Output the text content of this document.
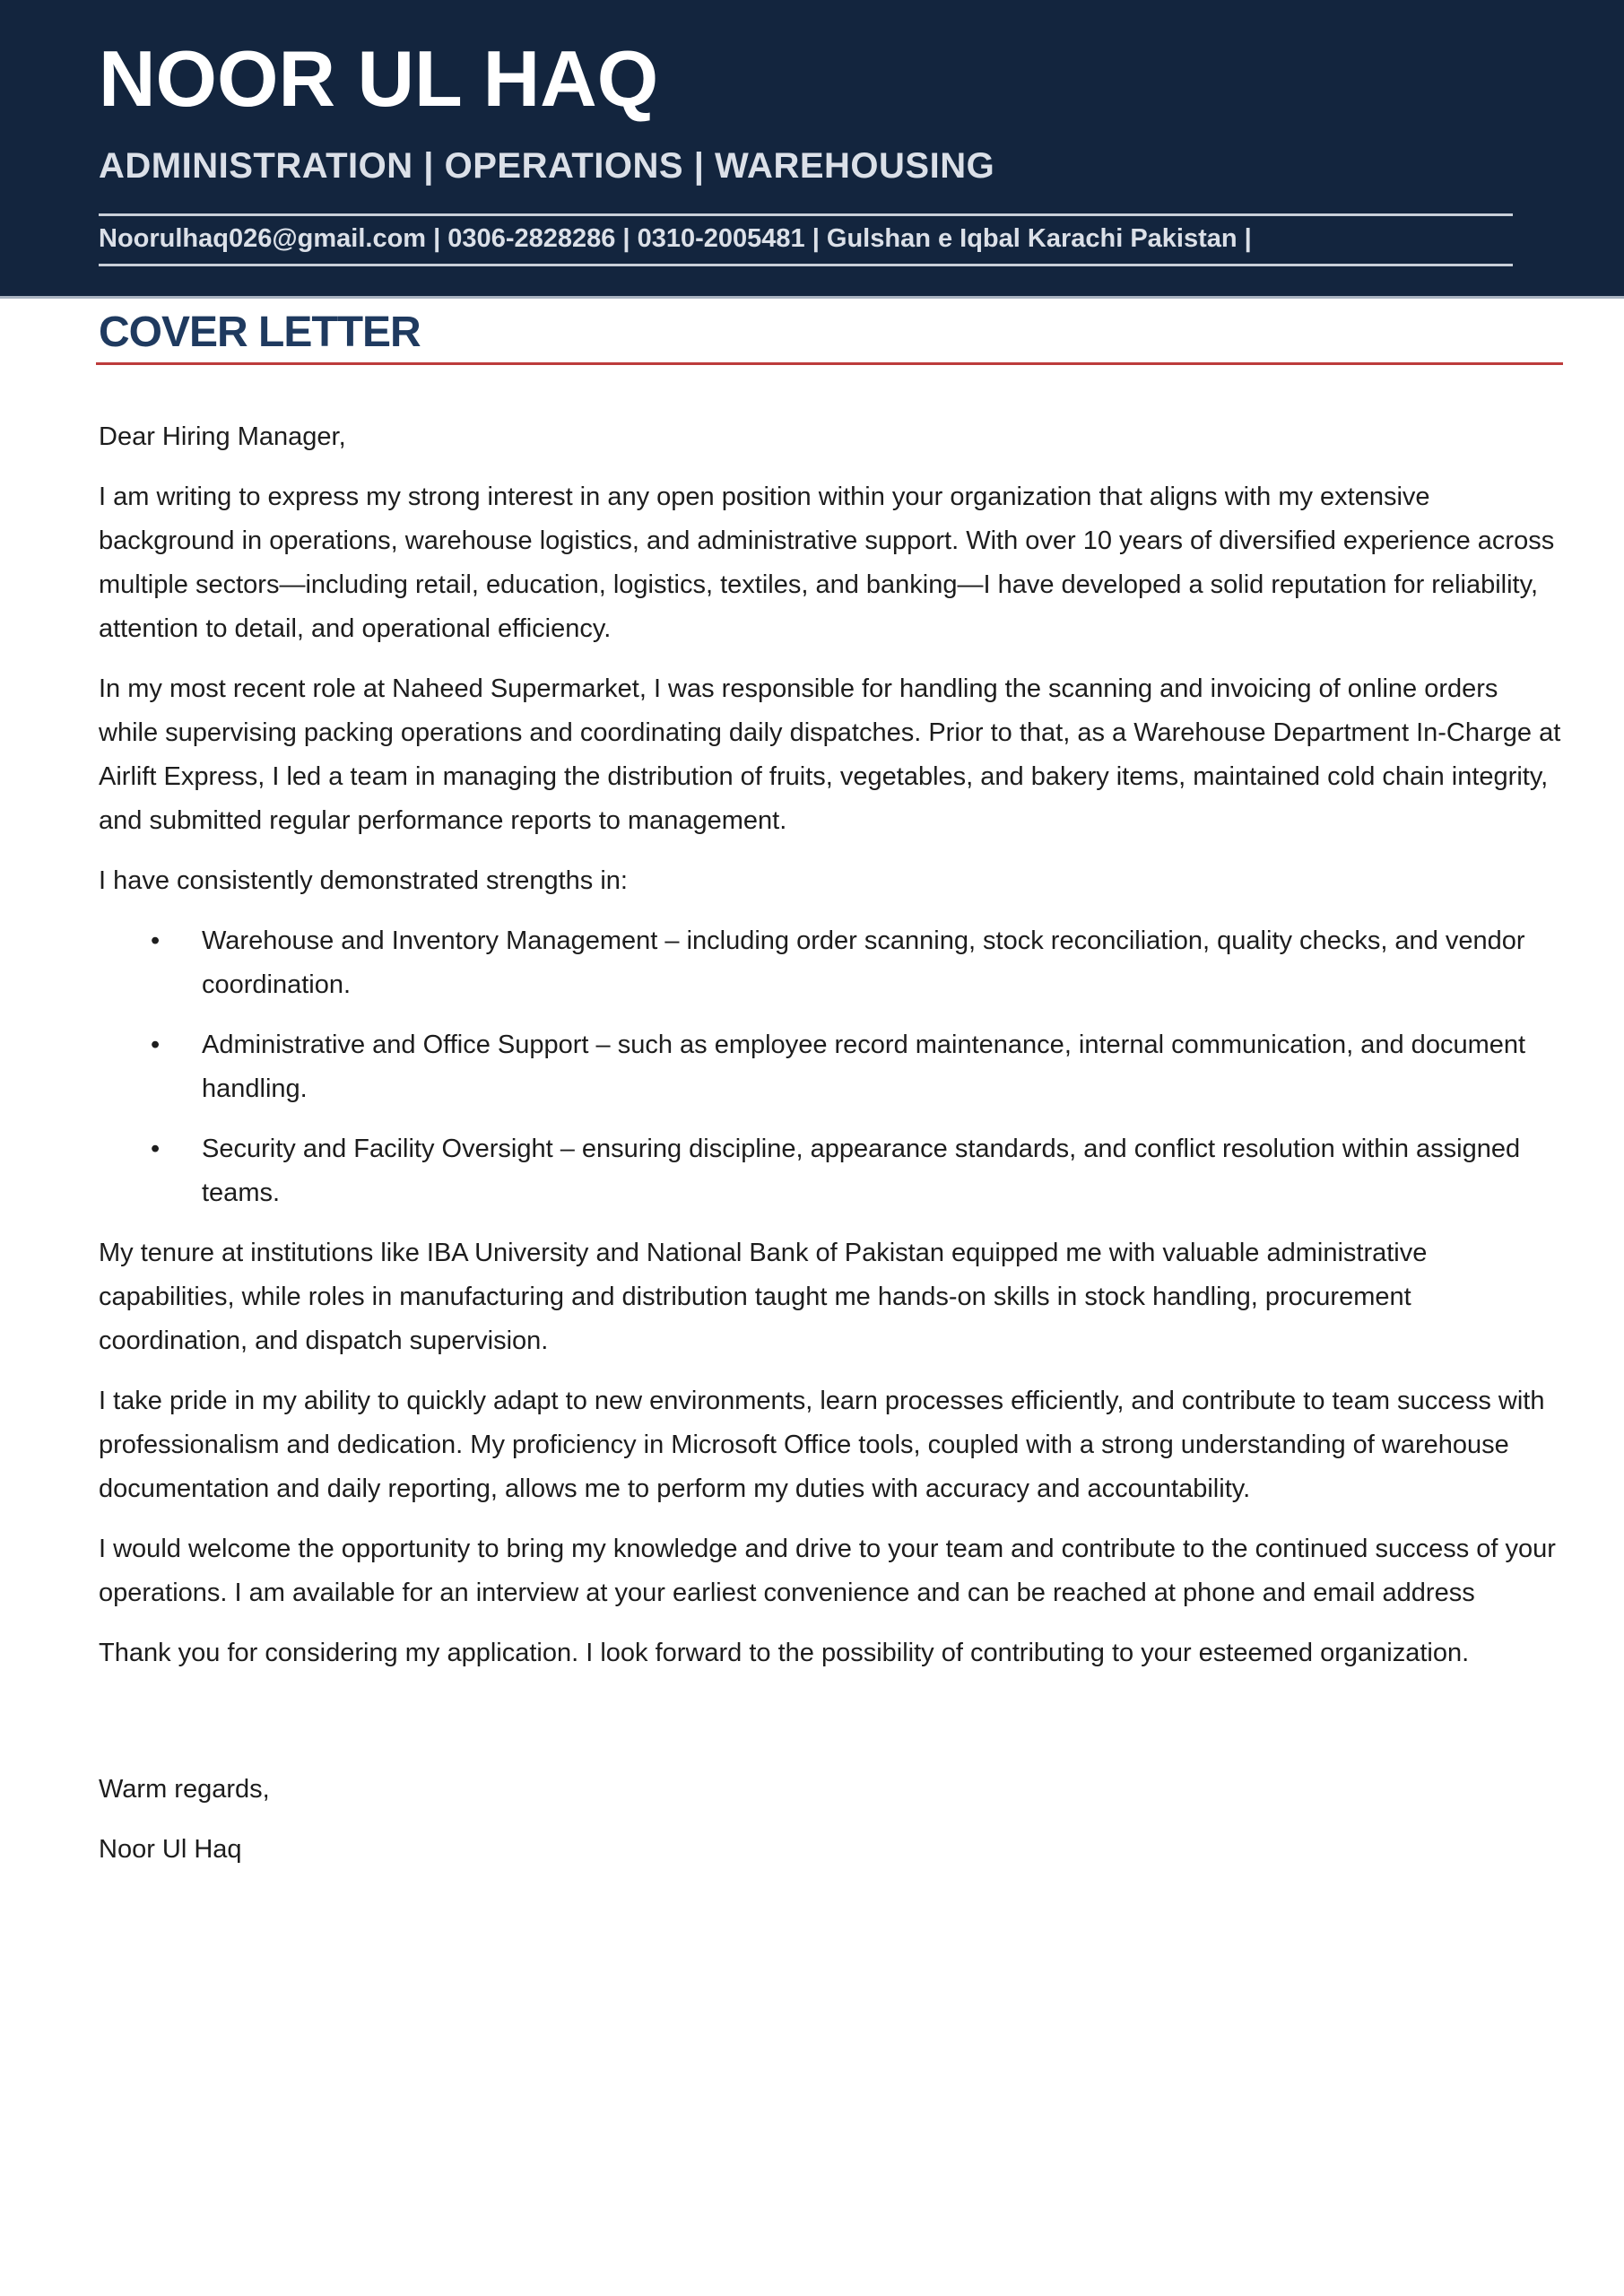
NOOR UL HAQ
ADMINISTRATION | OPERATIONS | WAREHOUSING
Noorulhaq026@gmail.com | 0306-2828286 | 0310-2005481 | Gulshan e Iqbal Karachi Pakistan |
COVER LETTER

Dear Hiring Manager,

I am writing to express my strong interest in any open position within your organization that aligns with my extensive background in operations, warehouse logistics, and administrative support. With over 10 years of diversified experience across multiple sectors—including retail, education, logistics, textiles, and banking—I have developed a solid reputation for reliability, attention to detail, and operational efficiency.

In my most recent role at Naheed Supermarket, I was responsible for handling the scanning and invoicing of online orders while supervising packing operations and coordinating daily dispatches. Prior to that, as a Warehouse Department In-Charge at Airlift Express, I led a team in managing the distribution of fruits, vegetables, and bakery items, maintained cold chain integrity, and submitted regular performance reports to management.

I have consistently demonstrated strengths in:

• Warehouse and Inventory Management – including order scanning, stock reconciliation, quality checks, and vendor coordination.
• Administrative and Office Support – such as employee record maintenance, internal communication, and document handling.
• Security and Facility Oversight – ensuring discipline, appearance standards, and conflict resolution within assigned teams.

My tenure at institutions like IBA University and National Bank of Pakistan equipped me with valuable administrative capabilities, while roles in manufacturing and distribution taught me hands-on skills in stock handling, procurement coordination, and dispatch supervision.

I take pride in my ability to quickly adapt to new environments, learn processes efficiently, and contribute to team success with professionalism and dedication. My proficiency in Microsoft Office tools, coupled with a strong understanding of warehouse documentation and daily reporting, allows me to perform my duties with accuracy and accountability.

I would welcome the opportunity to bring my knowledge and drive to your team and contribute to the continued success of your operations. I am available for an interview at your earliest convenience and can be reached at phone and email address

Thank you for considering my application. I look forward to the possibility of contributing to your esteemed organization.

Warm regards,

Noor Ul Haq
